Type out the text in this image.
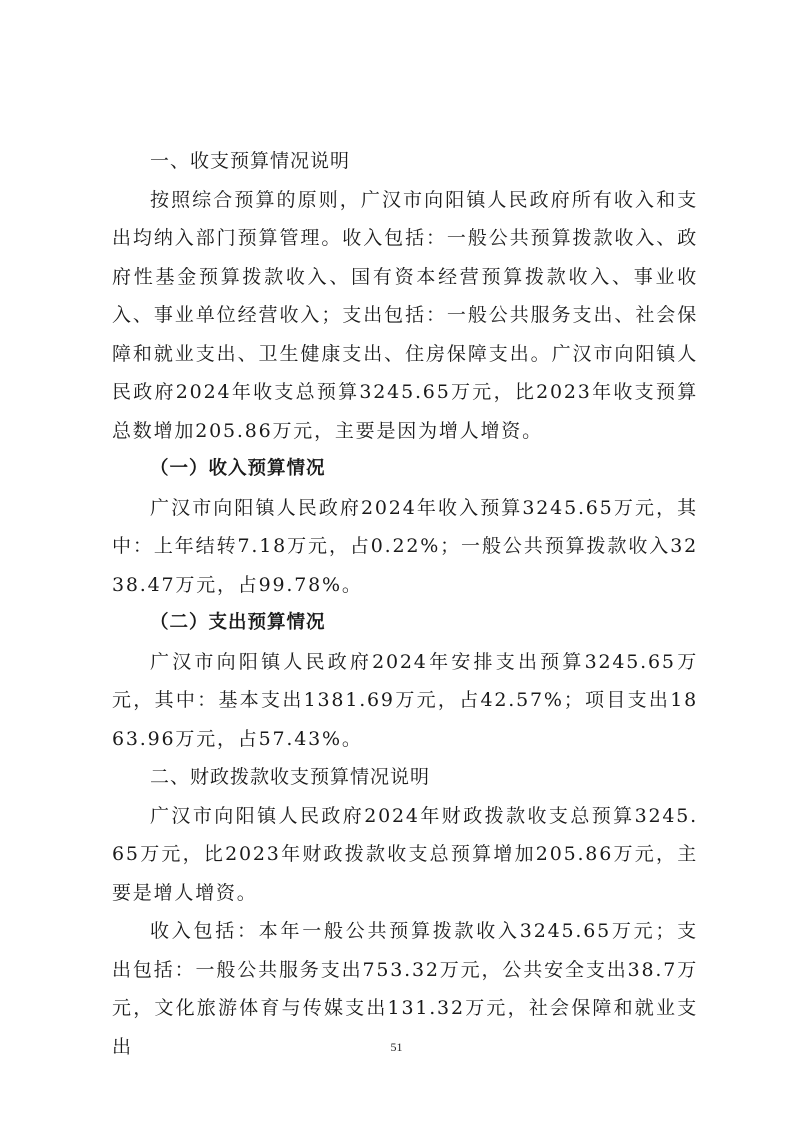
一、收支预算情况说明

按照综合预算的原则，广汉市向阳镇人民政府所有收入和支出均纳入部门预算管理。收入包括：一般公共预算拨款收入、政府性基金预算拨款收入、国有资本经营预算拨款收入、事业收入、事业单位经营收入；支出包括：一般公共服务支出、社会保障和就业支出、卫生健康支出、住房保障支出。广汉市向阳镇人民政府2024年收支总预算3245.65万元，比2023年收支预算总数增加205.86万元，主要是因为增人增资。

（一）收入预算情况

广汉市向阳镇人民政府2024年收入预算3245.65万元，其中：上年结转7.18万元，占0.22%；一般公共预算拨款收入3238.47万元，占99.78%。

（二）支出预算情况

广汉市向阳镇人民政府2024年安排支出预算3245.65万元，其中：基本支出1381.69万元，占42.57%；项目支出1863.96万元，占57.43%。

二、财政拨款收支预算情况说明

广汉市向阳镇人民政府2024年财政拨款收支总预算3245.65万元，比2023年财政拨款收支总预算增加205.86万元，主要是增人增资。

收入包括：本年一般公共预算拨款收入3245.65万元；支出包括：一般公共服务支出753.32万元，公共安全支出38.7万元，文化旅游体育与传媒支出131.32万元，社会保障和就业支出	51
